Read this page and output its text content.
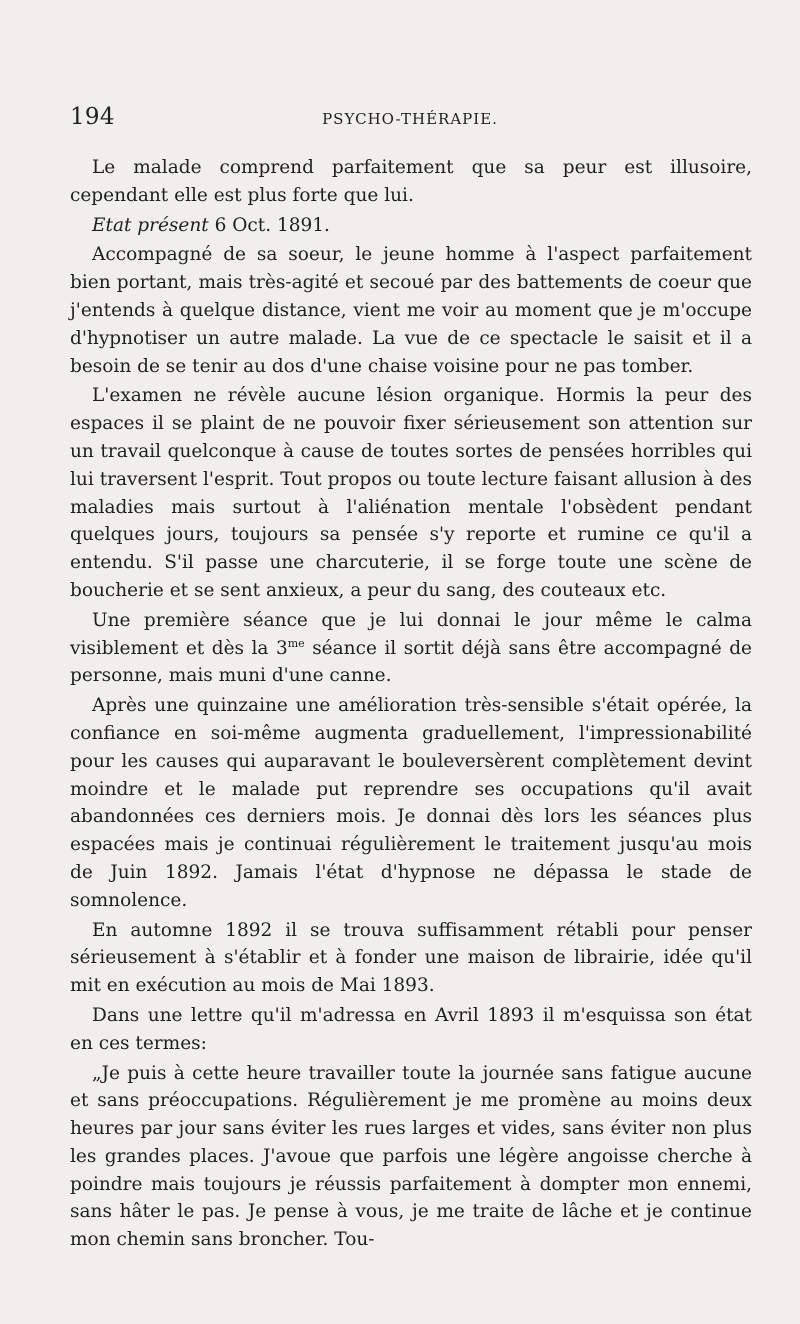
194	PSYCHO-THÉRAPIE.

Le malade comprend parfaitement que sa peur est illusoire, cependant elle est plus forte que lui.

Etat présent 6 Oct. 1891.

Accompagné de sa soeur, le jeune homme à l'aspect parfaitement bien portant, mais très-agité et secoué par des battements de coeur que j'entends à quelque distance, vient me voir au moment que je m'occupe d'hypnotiser un autre malade. La vue de ce spectacle le saisit et il a besoin de se tenir au dos d'une chaise voisine pour ne pas tomber.

L'examen ne révèle aucune lésion organique. Hormis la peur des espaces il se plaint de ne pouvoir fixer sérieusement son attention sur un travail quelconque à cause de toutes sortes de pensées horribles qui lui traversent l'esprit. Tout propos ou toute lecture faisant allusion à des maladies mais surtout à l'aliénation mentale l'obsèdent pendant quelques jours, toujours sa pensée s'y reporte et rumine ce qu'il a entendu. S'il passe une charcuterie, il se forge toute une scène de boucherie et se sent anxieux, a peur du sang, des couteaux etc.

Une première séance que je lui donnai le jour même le calma visiblement et dès la $3^{me}$ séance il sortit déjà sans être accompagné de personne, mais muni d'une canne.

Après une quinzaine une amélioration très-sensible s'était opérée, la confiance en soi-même augmenta graduellement, l'impressionabilité pour les causes qui auparavant le bouleversèrent complètement devint moindre et le malade put reprendre ses occupations qu'il avait abandonnées ces derniers mois. Je donnai dès lors les séances plus espacées mais je continuai régulièrement le traitement jusqu'au mois de Juin 1892. Jamais l'état d'hypnose ne dépassa le stade de somnolence.

En automne 1892 il se trouva suffisamment rétabli pour penser sérieusement à s'établir et à fonder une maison de librairie, idée qu'il mit en exécution au mois de Mai 1893.

Dans une lettre qu'il m'adressa en Avril 1893 il m'esquissa son état en ces termes:

„Je puis à cette heure travailler toute la journée sans fatigue aucune et sans préoccupations. Régulièrement je me promène au moins deux heures par jour sans éviter les rues larges et vides, sans éviter non plus les grandes places. J'avoue que parfois une légère angoisse cherche à poindre mais toujours je réussis parfaitement à dompter mon ennemi, sans hâter le pas. Je pense à vous, je me traite de lâche et je continue mon chemin sans broncher. Tou-
